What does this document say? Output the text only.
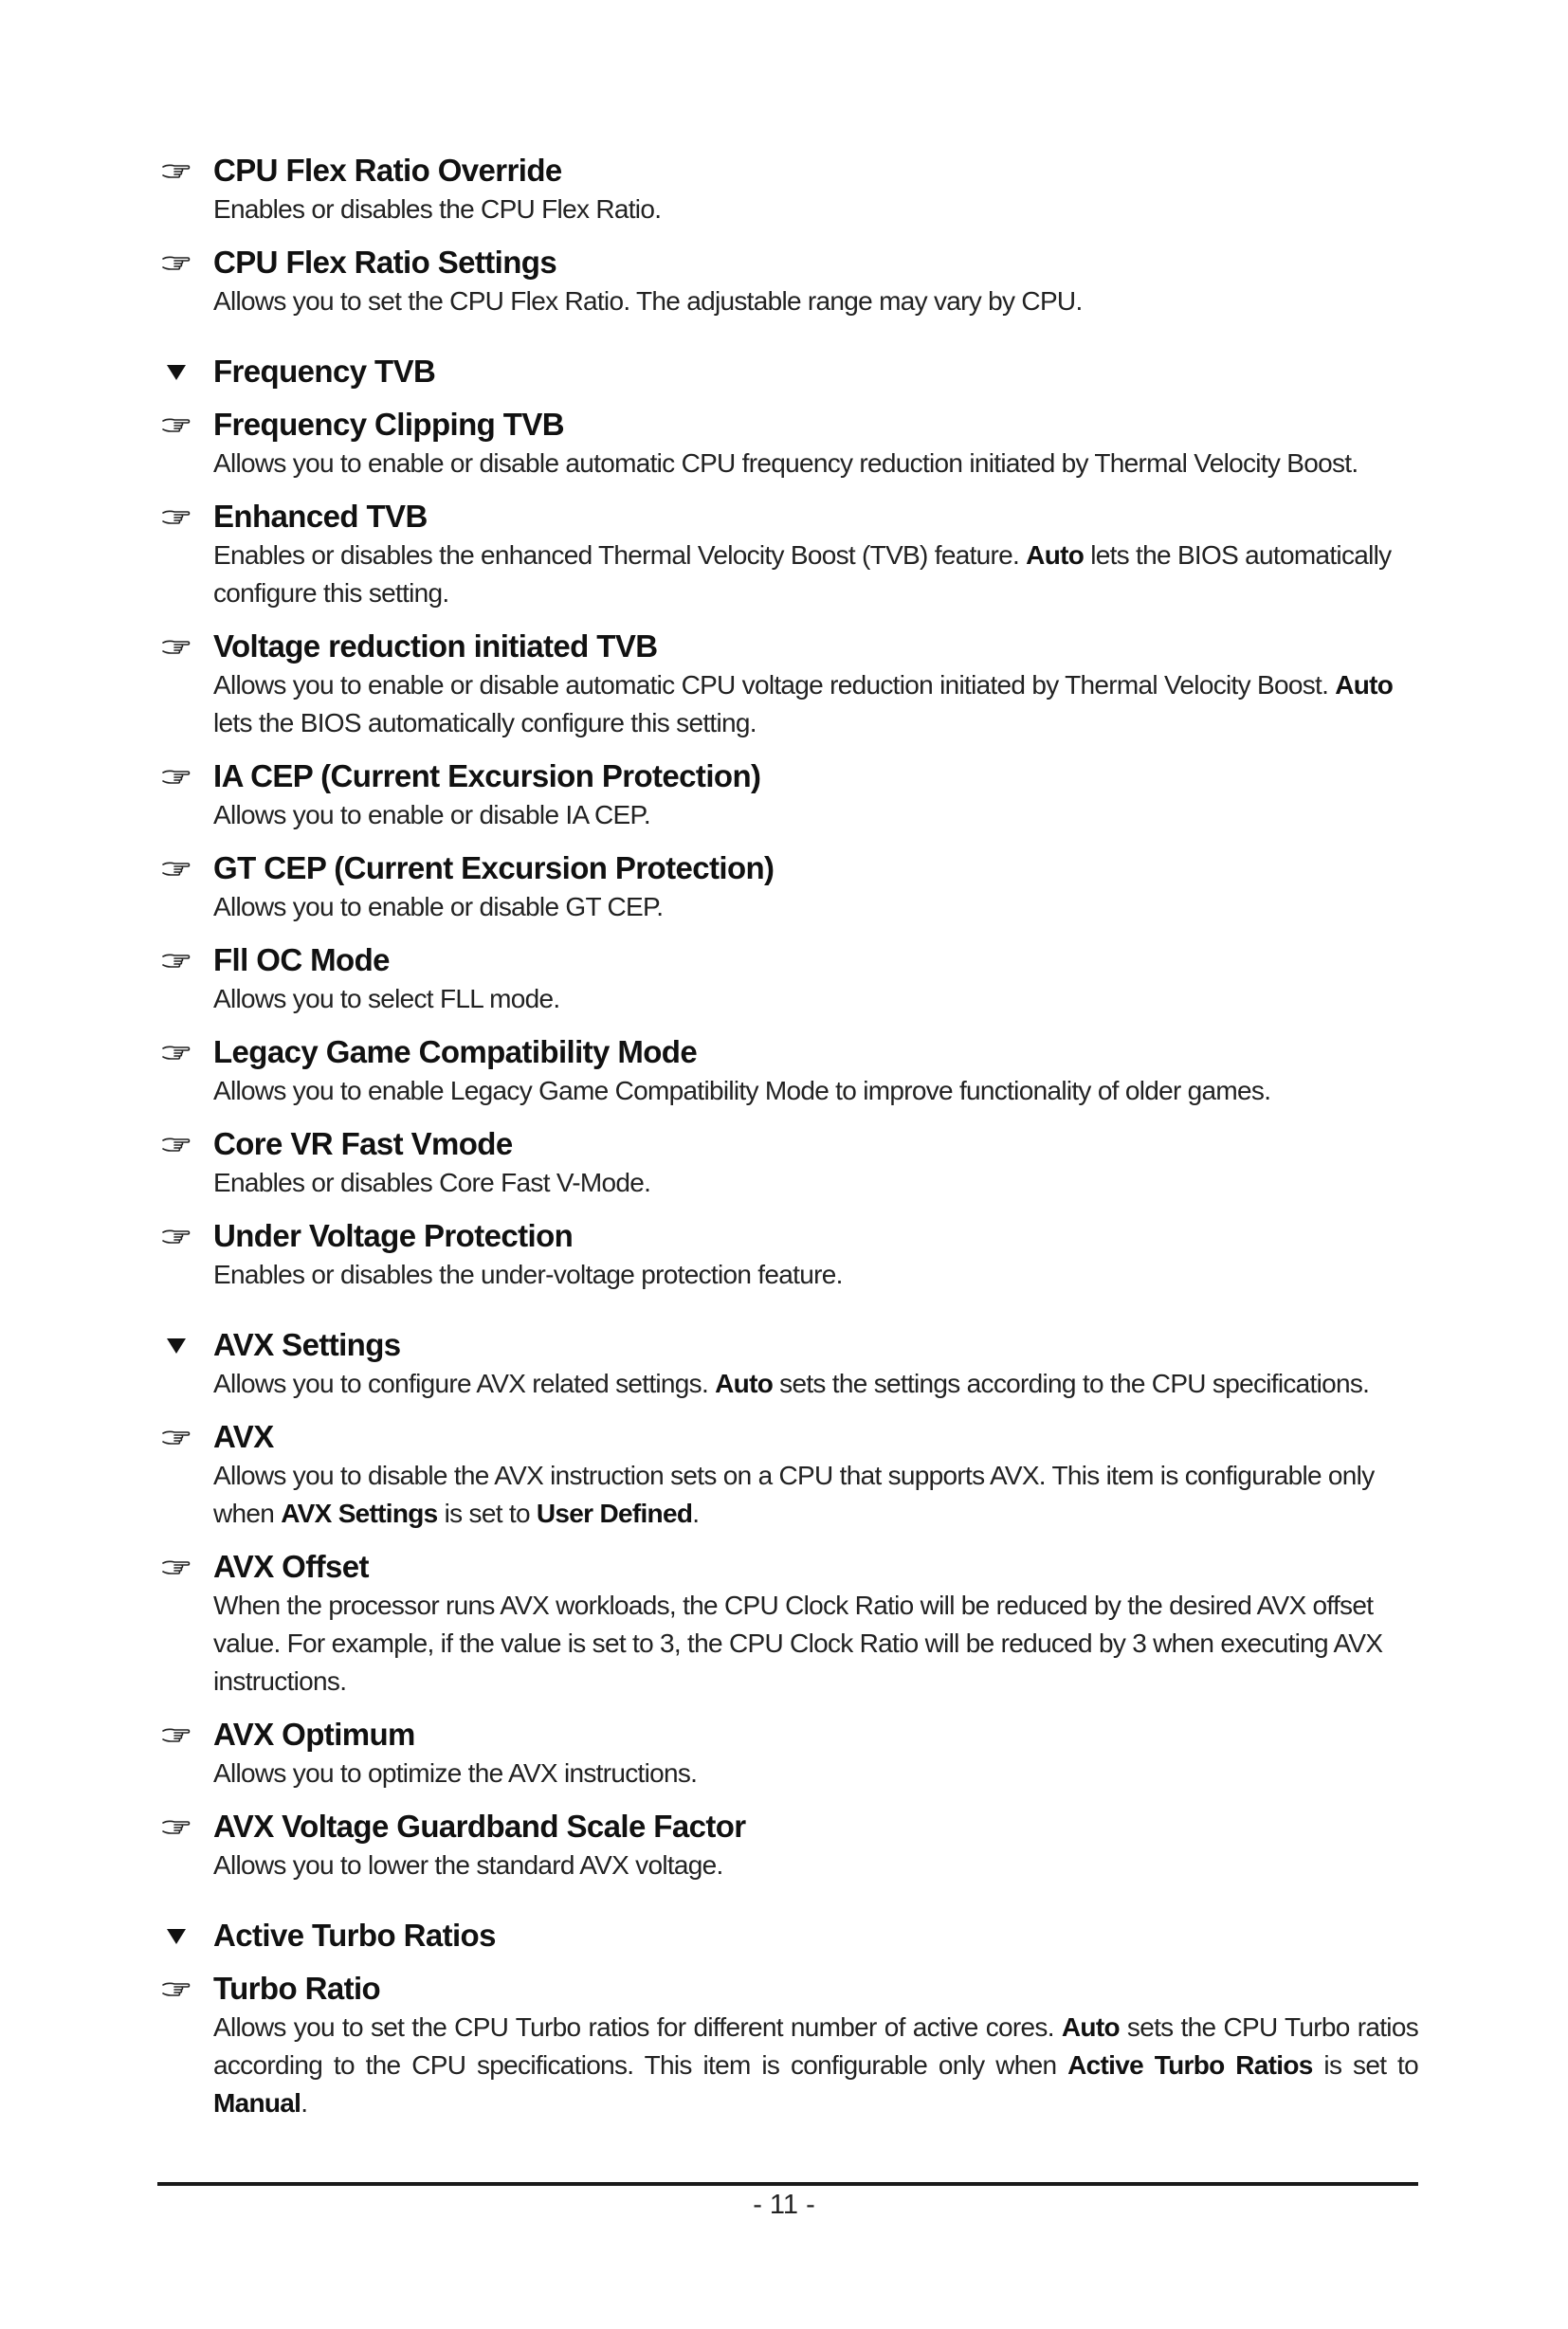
CPU Flex Ratio Override
Enables or disables the CPU Flex Ratio.
CPU Flex Ratio Settings
Allows you to set the CPU Flex Ratio. The adjustable range may vary by CPU.
Frequency TVB
Frequency Clipping TVB
Allows you to enable or disable automatic CPU frequency reduction initiated by Thermal Velocity Boost.
Enhanced TVB
Enables or disables the enhanced Thermal Velocity Boost (TVB) feature. Auto lets the BIOS automatically configure this setting.
Voltage reduction initiated TVB
Allows you to enable or disable automatic CPU voltage reduction initiated by Thermal Velocity Boost. Auto lets the BIOS automatically configure this setting.
IA CEP (Current Excursion Protection)
Allows you to enable or disable IA CEP.
GT CEP (Current Excursion Protection)
Allows you to enable or disable GT CEP.
Fll OC Mode
Allows you to select FLL mode.
Legacy Game Compatibility Mode
Allows you to enable Legacy Game Compatibility Mode to improve functionality of older games.
Core VR Fast Vmode
Enables or disables Core Fast V-Mode.
Under Voltage Protection
Enables or disables the under-voltage protection feature.
AVX Settings
Allows you to configure AVX related settings. Auto sets the settings according to the CPU specifications.
AVX
Allows you to disable the AVX instruction sets on a CPU that supports AVX. This item is configurable only when AVX Settings is set to User Defined.
AVX Offset
When the processor runs AVX workloads, the CPU Clock Ratio will be reduced by the desired AVX offset value. For example, if the value is set to 3, the CPU Clock Ratio will be reduced by 3 when executing AVX instructions.
AVX Optimum
Allows you to optimize the AVX instructions.
AVX Voltage Guardband Scale Factor
Allows you to lower the standard AVX voltage.
Active Turbo Ratios
Turbo Ratio
Allows you to set the CPU Turbo ratios for different number of active cores. Auto sets the CPU Turbo ratios according to the CPU specifications. This item is configurable only when Active Turbo Ratios is set to Manual.
- 11 -
